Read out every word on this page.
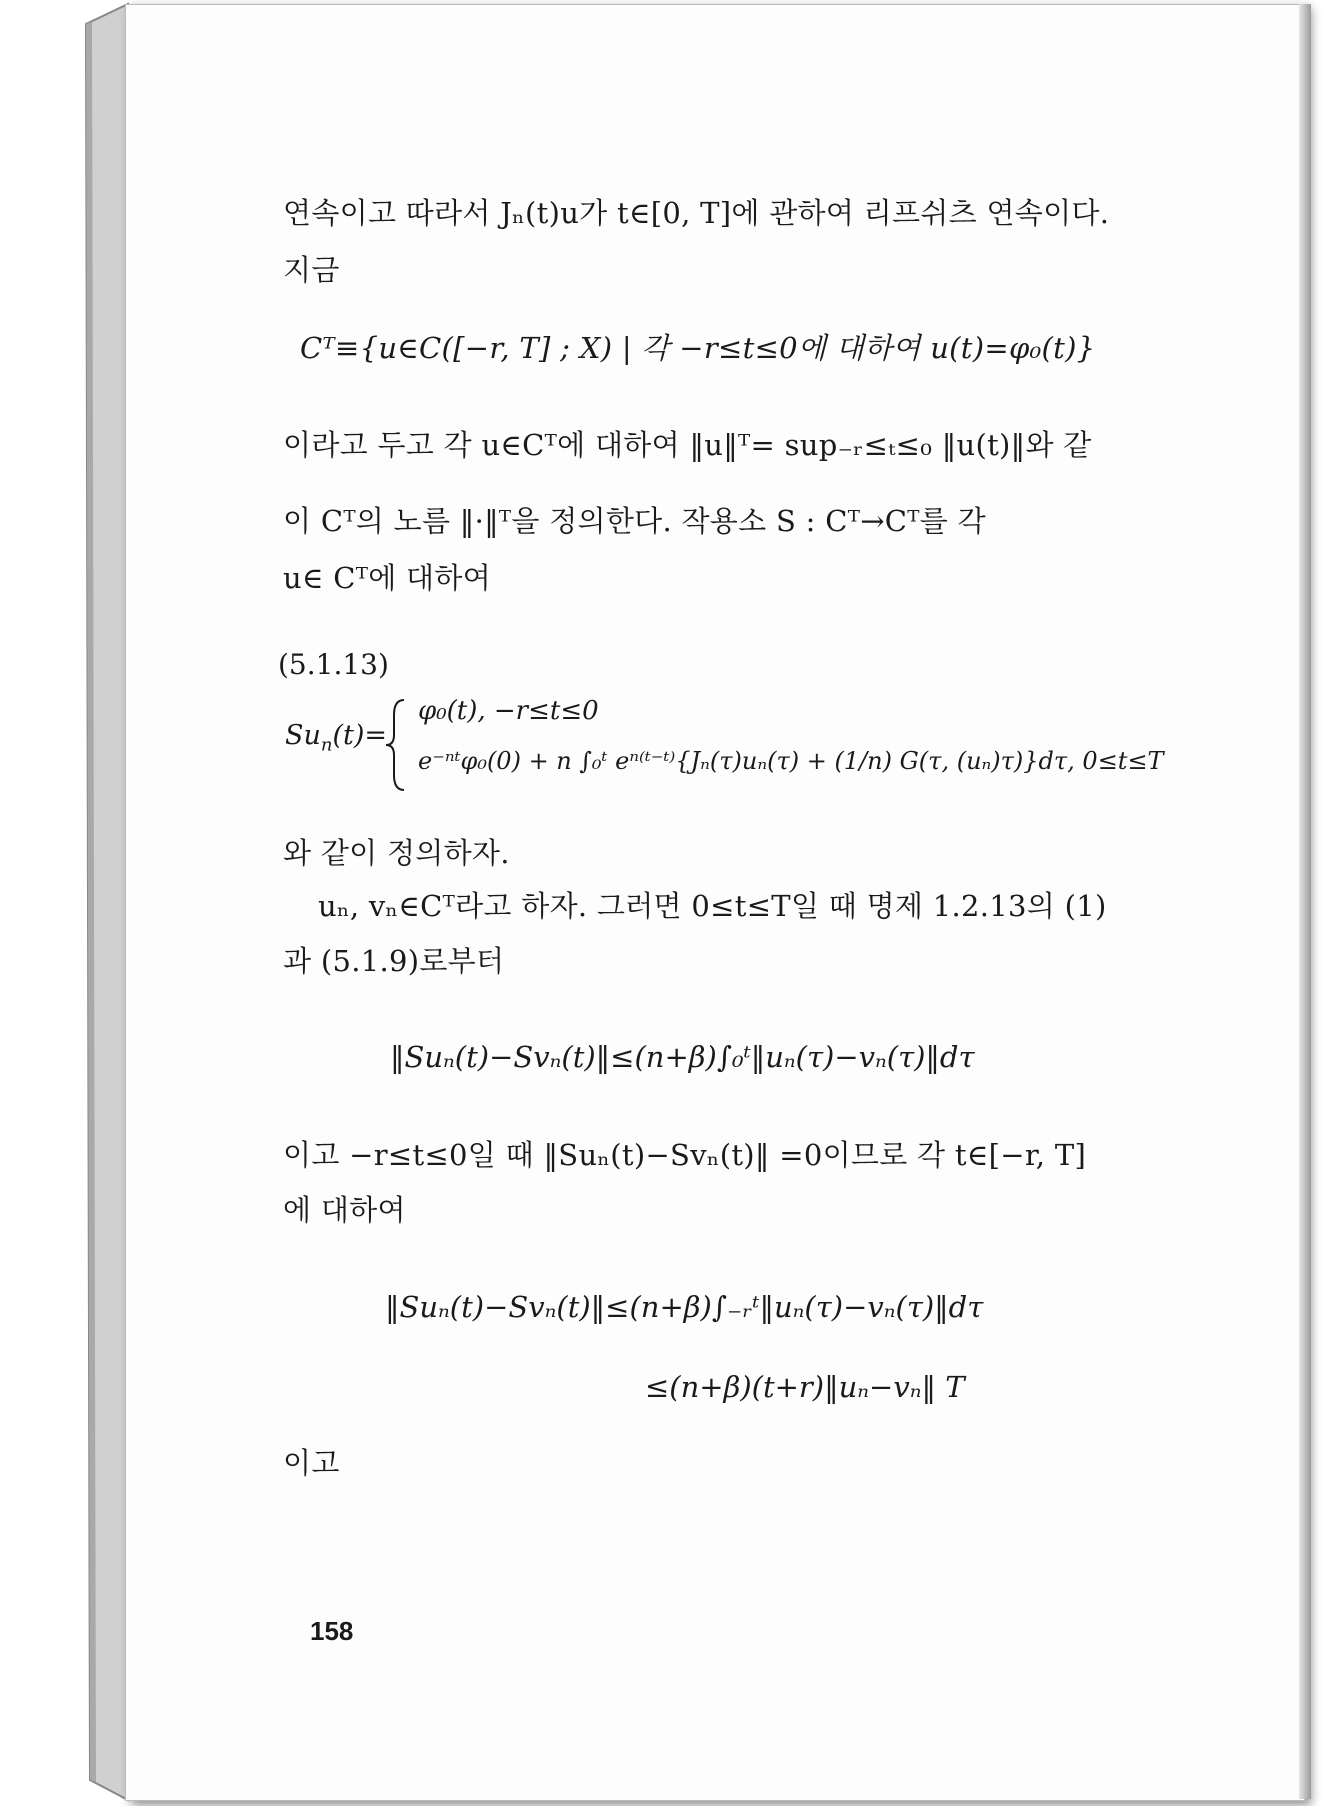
연속이고 따라서 Jₙ(t)u가 t∈[0, T]에 관하여 리프쉬츠 연속이다.
지금
Cᵀ≡{u∈C([−r, T] ; X) | 각 −r≤t≤0에 대하여 u(t)=φ₀(t)}
이라고 두고 각 u∈Cᵀ에 대하여 ‖u‖ᵀ= sup₋ᵣ≤ₜ≤₀ ‖u(t)‖와 같
이 Cᵀ의 노름 ‖·‖ᵀ을 정의한다. 작용소 S : Cᵀ→Cᵀ를 각
u∈ Cᵀ에 대하여
(5.1.13)
$Su_n(t)=$
φ₀(t), −r≤t≤0
e⁻ⁿᵗφ₀(0) + n ∫₀ᵗ eⁿ⁽ᵗ⁻ᵗ⁾{Jₙ(τ)uₙ(τ) + (1/n) G(τ, (uₙ)τ)}dτ, 0≤t≤T
와 같이 정의하자.
uₙ, vₙ∈Cᵀ라고 하자. 그러면 0≤t≤T일 때 명제 1.2.13의 (1)
과 (5.1.9)로부터
‖Suₙ(t)−Svₙ(t)‖≤(n+β)∫₀ᵗ‖uₙ(τ)−vₙ(τ)‖dτ
이고 −r≤t≤0일 때 ‖Suₙ(t)−Svₙ(t)‖ =0이므로 각 t∈[−r, T]
에 대하여
‖Suₙ(t)−Svₙ(t)‖≤(n+β)∫₋ᵣᵗ‖uₙ(τ)−vₙ(τ)‖dτ
≤(n+β)(t+r)‖uₙ−vₙ‖ T
이고
158
